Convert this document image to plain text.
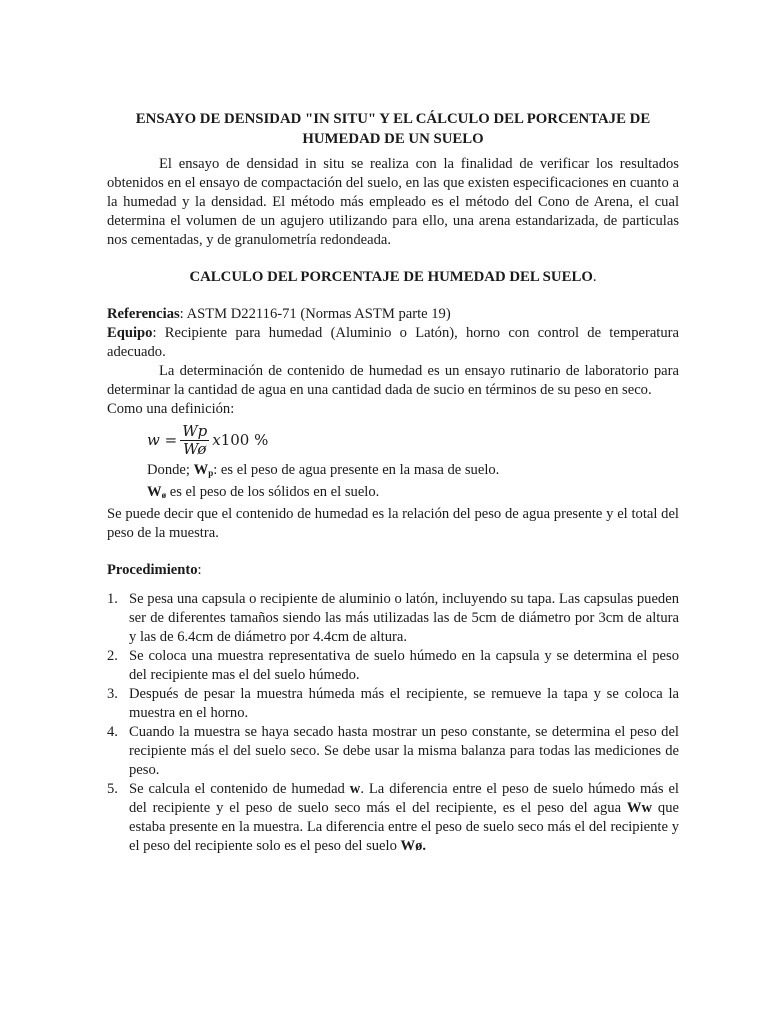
ENSAYO DE DENSIDAD "IN SITU" Y EL CÁLCULO DEL PORCENTAJE DE
HUMEDAD DE UN SUELO

El ensayo de densidad in situ se realiza con la finalidad de verificar los resultados obtenidos en el ensayo de compactación del suelo, en las que existen especificaciones en cuanto a la humedad y la densidad. El método más empleado es el método del Cono de Arena, el cual determina el volumen de un agujero utilizando para ello, una arena estandarizada, de particulas nos cementadas, y de granulometría redondeada.

CALCULO DEL PORCENTAJE DE HUMEDAD DEL SUELO.

Referencias: ASTM D22116-71 (Normas ASTM parte 19)

Equipo: Recipiente para humedad (Aluminio o Latón), horno con control de temperatura adecuado.

La determinación de contenido de humedad es un ensayo rutinario de laboratorio para determinar la cantidad de agua en una cantidad dada de sucio en términos de su peso en seco.

Como una definición:

$w = \frac{Wp}{Wø}$ x 100 %

Donde; $W_p$: es el peso de agua presente en la masa de suelo.

$W_ø$ es el peso de los sólidos en el suelo.

Se puede decir que el contenido de humedad es la relación del peso de agua presente y el total del peso de la muestra.

Procedimiento:
1. Se pesa una capsula o recipiente de aluminio o latón, incluyendo su tapa. Las capsulas pueden ser de diferentes tamaños siendo las más utilizadas las de 5cm de diámetro por 3cm de altura y las de 6.4cm de diámetro por 4.4cm de altura.
2. Se coloca una muestra representativa de suelo húmedo en la capsula y se determina el peso del recipiente mas el del suelo húmedo.
3. Después de pesar la muestra húmeda más el recipiente, se remueve la tapa y se coloca la muestra en el horno.
4. Cuando la muestra se haya secado hasta mostrar un peso constante, se determina el peso del recipiente más el del suelo seco. Se debe usar la misma balanza para todas las mediciones de peso.
5. Se calcula el contenido de humedad w. La diferencia entre el peso de suelo húmedo más el del recipiente y el peso de suelo seco más el del recipiente, es el peso del agua Ww que estaba presente en la muestra. La diferencia entre el peso de suelo seco más el del recipiente y el peso del recipiente solo es el peso del suelo Wø.
